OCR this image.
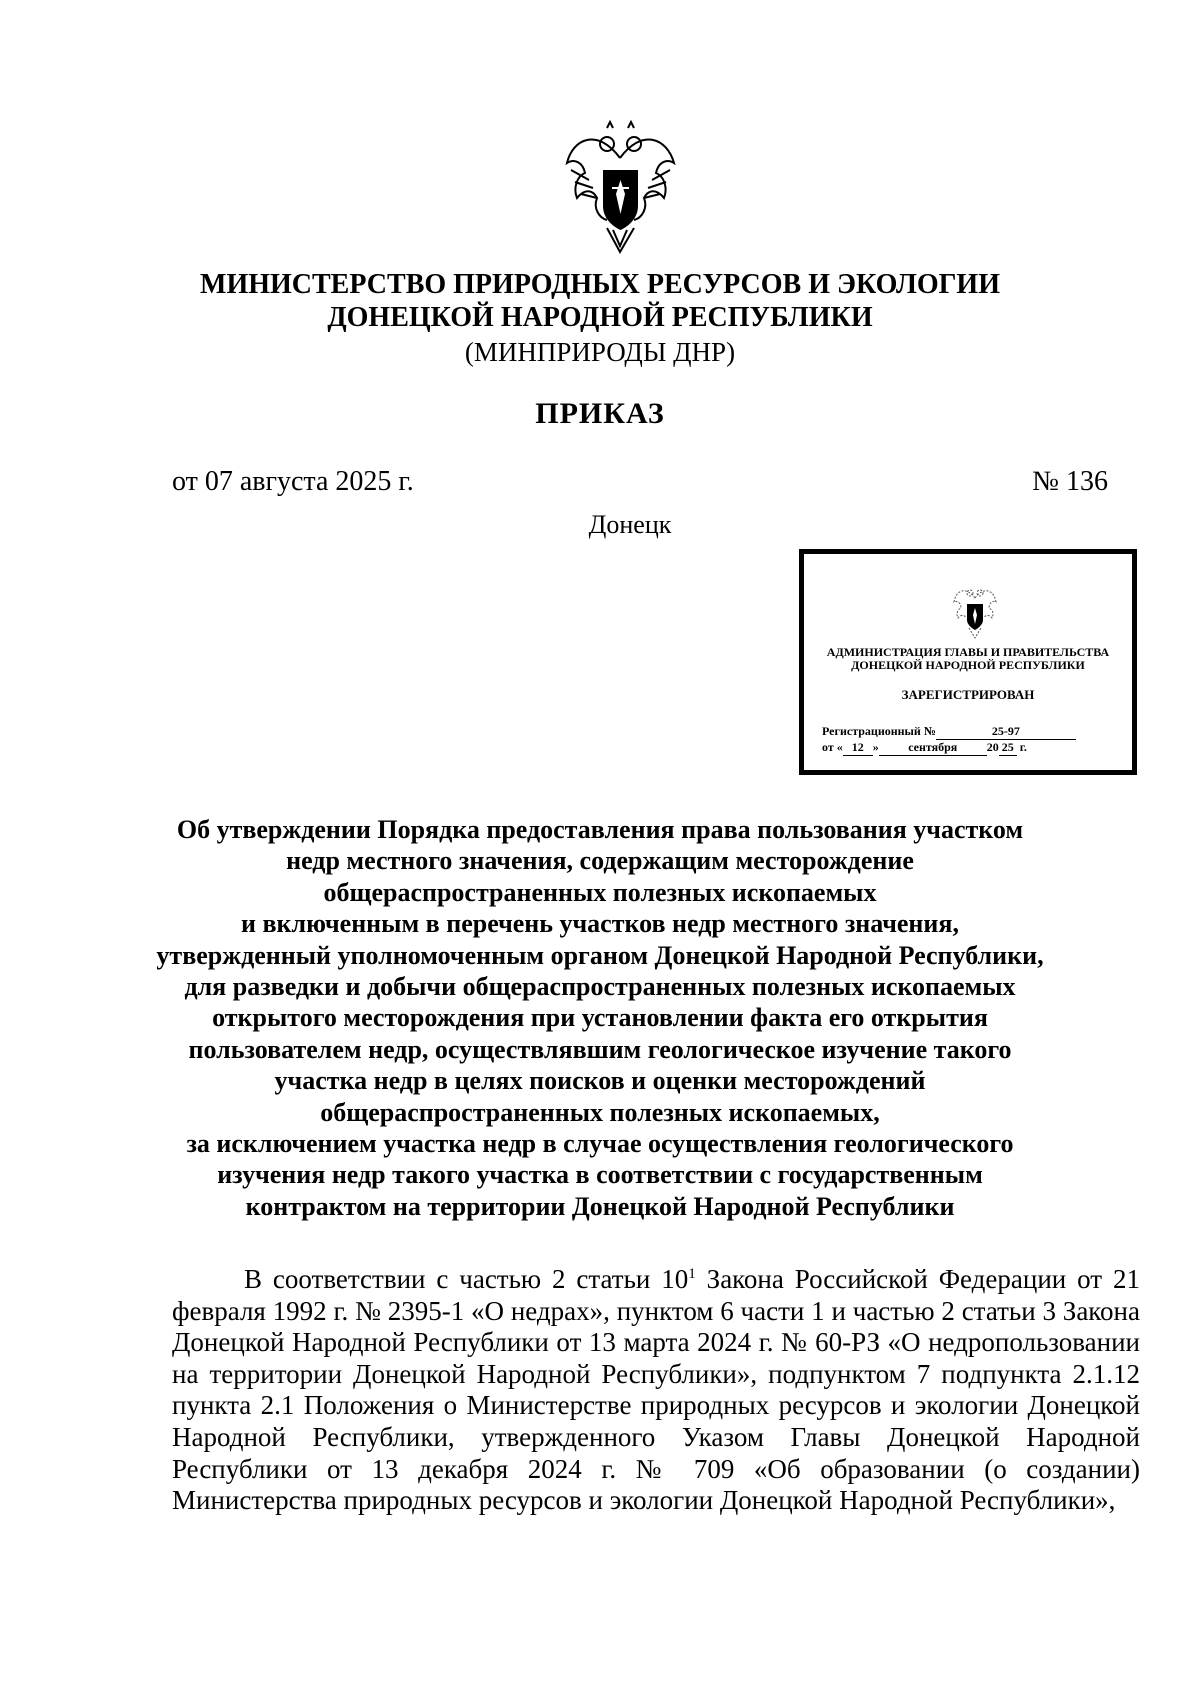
МИНИСТЕРСТВО ПРИРОДНЫХ РЕСУРСОВ И ЭКОЛОГИИ
ДОНЕЦКОЙ НАРОДНОЙ РЕСПУБЛИКИ
(МИНПРИРОДЫ ДНР)
ПРИКАЗ
от 07 августа 2025 г.	№ 136
Донецк
АДМИНИСТРАЦИЯ ГЛАВЫ И ПРАВИТЕЛЬСТВА
ДОНЕЦКОЙ НАРОДНОЙ РЕСПУБЛИКИ
ЗАРЕГИСТРИРОВАН
Регистрационный №	25-97
от « 12 » сентября 20 25 г.
Об утверждении Порядка предоставления права пользования участком
недр местного значения, содержащим месторождение
общераспространенных полезных ископаемых
и включенным в перечень участков недр местного значения,
утвержденный уполномоченным органом Донецкой Народной Республики,
для разведки и добычи общераспространенных полезных ископаемых
открытого месторождения при установлении факта его открытия
пользователем недр, осуществлявшим геологическое изучение такого
участка недр в целях поисков и оценки месторождений
общераспространенных полезных ископаемых,
за исключением участка недр в случае осуществления геологического
изучения недр такого участка в соответствии с государственным
контрактом на территории Донецкой Народной Республики

В соответствии с частью 2 статьи $10^1$ Закона Российской Федерации от 21 февраля 1992 г. № 2395-1 «О недрах», пунктом 6 части 1 и частью 2 статьи 3 Закона Донецкой Народной Республики от 13 марта 2024 г. № 60-РЗ «О недропользовании на территории Донецкой Народной Республики», подпунктом 7 подпункта 2.1.12 пункта 2.1 Положения о Министерстве природных ресурсов и экологии Донецкой Народной Республики, утвержденного Указом Главы Донецкой Народной Республики от 13 декабря 2024 г. № 709 «Об образовании (о создании) Министерства природных ресурсов и экологии Донецкой Народной Республики»,
